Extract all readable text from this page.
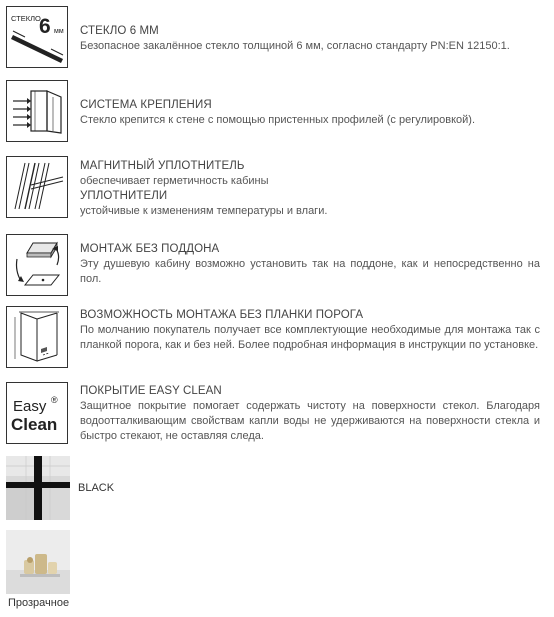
СТЕКЛО
6 мм СТЕКЛО 6 ММ
Безопасное закалённое стекло толщиной 6 мм, согласно стандарту PN:EN 12150:1.
СИСТЕМА КРЕПЛЕНИЯ
Стекло крепится к стене с помощью пристенных профилей (с регулировкой).
МАГНИТНЫЙ УПЛОТНИТЕЛЬ
обеспечивает герметичность кабины
УПЛОТНИТЕЛИ
устойчивые к изменениям температуры и влаги.
МОНТАЖ БЕЗ ПОДДОНА
Эту душевую кабину возможно установить так на поддоне, как и непосредственно на пол.
ВОЗМОЖНОСТЬ МОНТАЖА БЕЗ ПЛАНКИ ПОРОГА
По молчанию покупатель получает все комплектующие необходимые для монтажа так с планкой порога, как и без ней. Более подробная информация в инструкции по установке.
Easy ®
Clean
ПОКРЫТИЕ EASY CLEAN
Защитное покрытие помогает содержать чистоту на поверхности стекол. Благодаря водоотталкивающим свойствам капли воды не удерживаются на поверхности стекла и быстро стекают, не оставляя следа.
BLACK
Прозрачное
